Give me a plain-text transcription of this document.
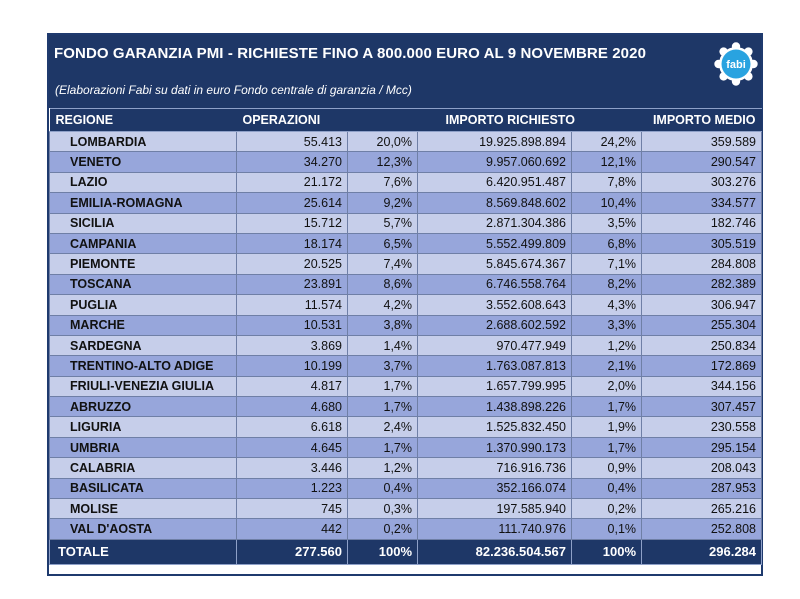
FONDO GARANZIA PMI - RICHIESTE FINO A 800.000 EURO AL 9 NOVEMBRE 2020
(Elaborazioni Fabi su dati in euro Fondo centrale di garanzia / Mcc)
fabi
REGIONE	OPERAZIONI		IMPORTO RICHIESTO		IMPORTO MEDIO
LOMBARDIA	55.413	20,0%	19.925.898.894	24,2%	359.589
VENETO	34.270	12,3%	9.957.060.692	12,1%	290.547
LAZIO	21.172	7,6%	6.420.951.487	7,8%	303.276
EMILIA-ROMAGNA	25.614	9,2%	8.569.848.602	10,4%	334.577
SICILIA	15.712	5,7%	2.871.304.386	3,5%	182.746
CAMPANIA	18.174	6,5%	5.552.499.809	6,8%	305.519
PIEMONTE	20.525	7,4%	5.845.674.367	7,1%	284.808
TOSCANA	23.891	8,6%	6.746.558.764	8,2%	282.389
PUGLIA	11.574	4,2%	3.552.608.643	4,3%	306.947
MARCHE	10.531	3,8%	2.688.602.592	3,3%	255.304
SARDEGNA	3.869	1,4%	970.477.949	1,2%	250.834
TRENTINO-ALTO ADIGE	10.199	3,7%	1.763.087.813	2,1%	172.869
FRIULI-VENEZIA GIULIA	4.817	1,7%	1.657.799.995	2,0%	344.156
ABRUZZO	4.680	1,7%	1.438.898.226	1,7%	307.457
LIGURIA	6.618	2,4%	1.525.832.450	1,9%	230.558
UMBRIA	4.645	1,7%	1.370.990.173	1,7%	295.154
CALABRIA	3.446	1,2%	716.916.736	0,9%	208.043
BASILICATA	1.223	0,4%	352.166.074	0,4%	287.953
MOLISE	745	0,3%	197.585.940	0,2%	265.216
VAL D'AOSTA	442	0,2%	111.740.976	0,1%	252.808
TOTALE	277.560	100%	82.236.504.567	100%	296.284
